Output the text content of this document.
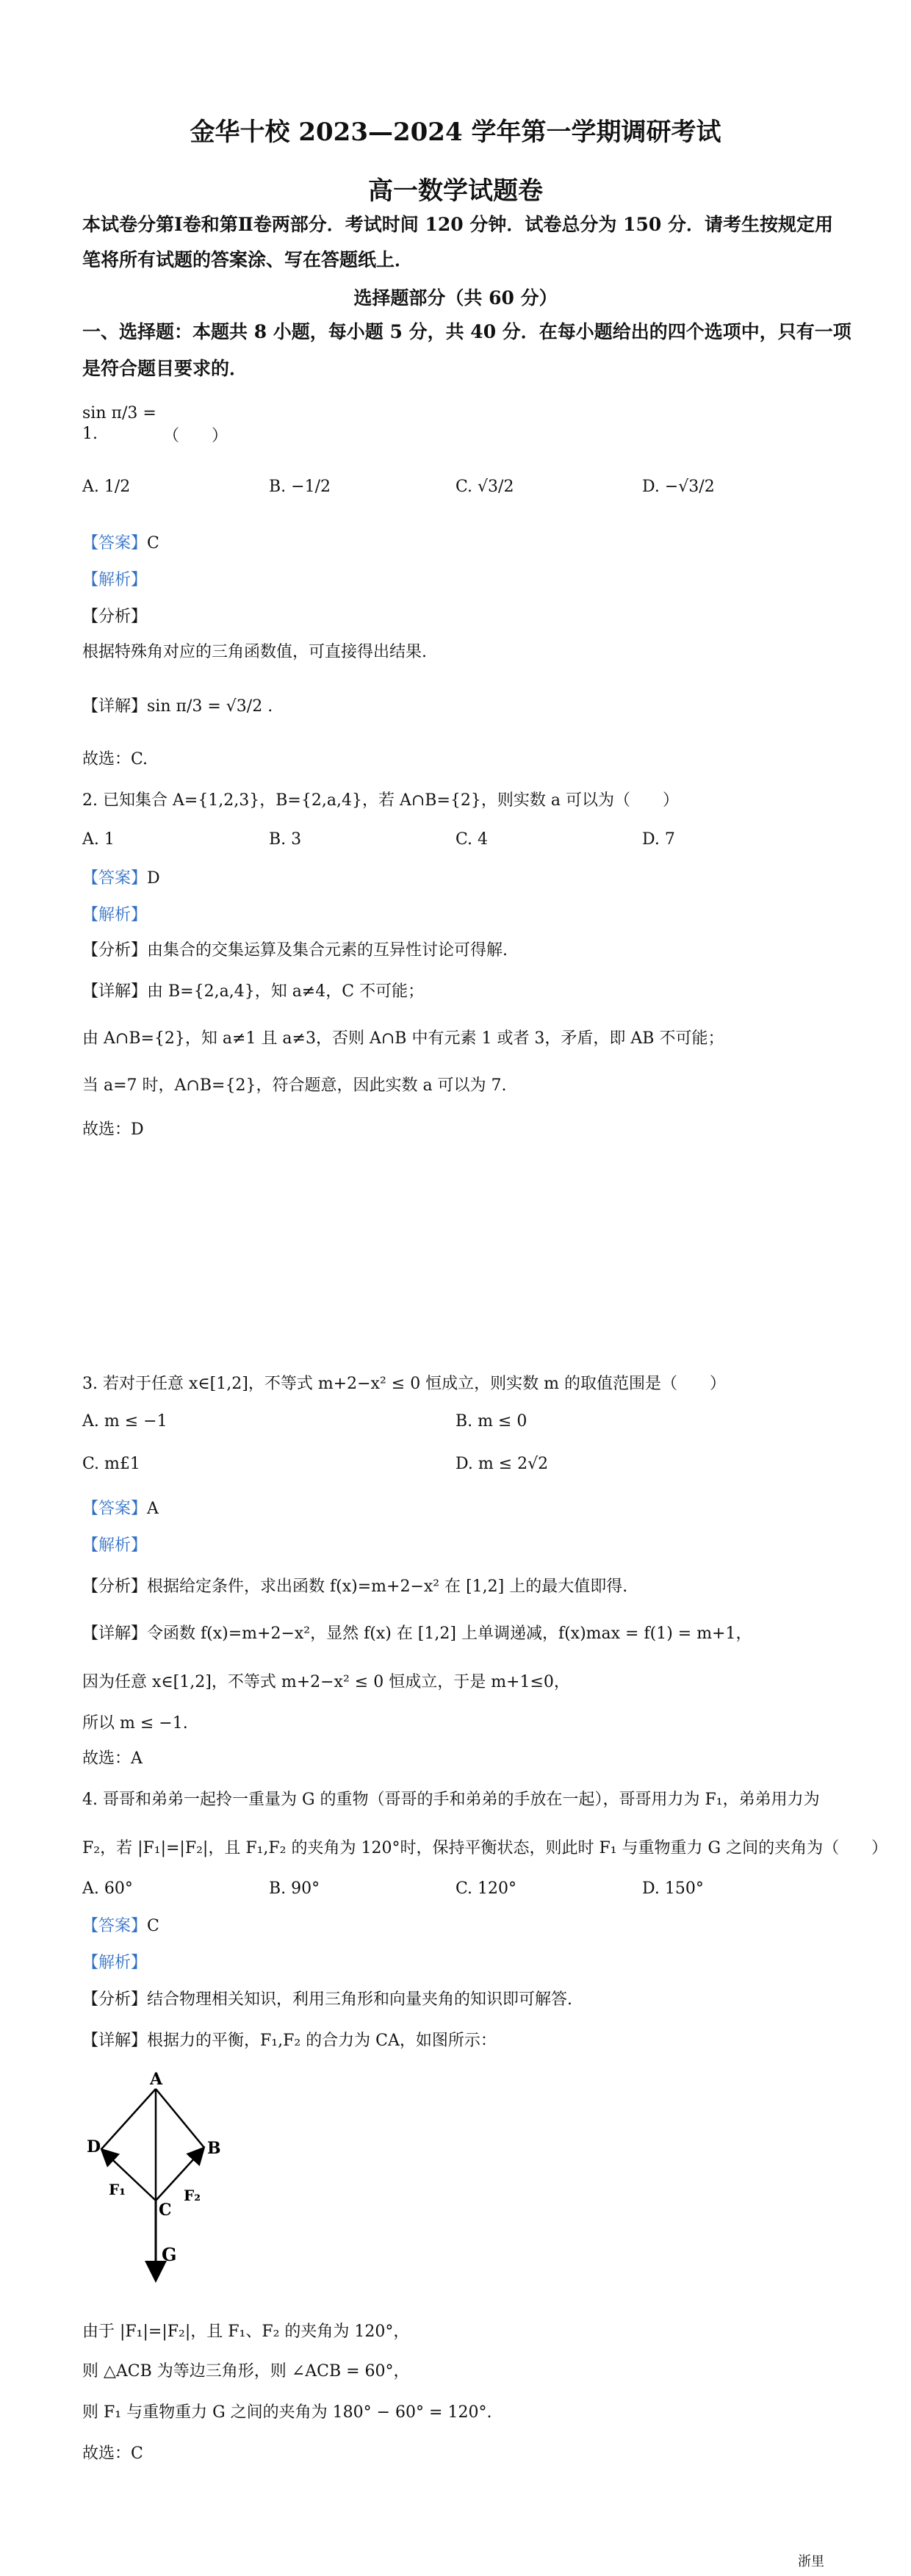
金华十校 2023—2024 学年第一学期调研考试
高一数学试题卷
本试卷分第Ⅰ卷和第Ⅱ卷两部分．考试时间 120 分钟．试卷总分为 150 分．请考生按规定用
笔将所有试题的答案涂、写在答题纸上．
选择题部分（共 60 分）
一、选择题：本题共 8 小题，每小题 5 分，共 40 分．在每小题给出的四个选项中，只有一项
是符合题目要求的．
sin π/3 =
1.	（　　）
A. 1/2	B. −1/2	C. √3/2	D. −√3/2
【答案】C
【解析】
【分析】
根据特殊角对应的三角函数值，可直接得出结果.
【详解】sin π/3 = √3/2 .
故选：C.
2. 已知集合 A={1,2,3}，B={2,a,4}，若 A∩B={2}，则实数 a 可以为（　　）
A. 1	B. 3	C. 4	D. 7
【答案】D
【解析】
【分析】由集合的交集运算及集合元素的互异性讨论可得解.
【详解】由 B={2,a,4}，知 a≠4，C 不可能；
由 A∩B={2}，知 a≠1 且 a≠3，否则 A∩B 中有元素 1 或者 3，矛盾，即 AB 不可能；
当 a=7 时，A∩B={2}，符合题意，因此实数 a 可以为 7.
故选：D
3. 若对于任意 x∈[1,2]，不等式 m+2−x² ≤ 0 恒成立，则实数 m 的取值范围是（　　）
A. m ≤ −1	B. m ≤ 0
C. m£1	D. m ≤ 2√2
【答案】A
【解析】
【分析】根据给定条件，求出函数 f(x)=m+2−x² 在 [1,2] 上的最大值即得.
【详解】令函数 f(x)=m+2−x²，显然 f(x) 在 [1,2] 上单调递减，f(x)max = f(1) = m+1，
因为任意 x∈[1,2]，不等式 m+2−x² ≤ 0 恒成立，于是 m+1≤0，
所以 m ≤ −1.
故选：A
4. 哥哥和弟弟一起拎一重量为 G 的重物（哥哥的手和弟弟的手放在一起），哥哥用力为 F₁，弟弟用力为
F₂，若 |F₁|=|F₂|，且 F₁,F₂ 的夹角为 120°时，保持平衡状态，则此时 F₁ 与重物重力 G 之间的夹角为（　　）
A. 60°	B. 90°	C. 120°	D. 150°
【答案】C
【解析】
【分析】结合物理相关知识，利用三角形和向量夹角的知识即可解答.
【详解】根据力的平衡，F₁,F₂ 的合力为 CA，如图所示：
A
B
D
C
F₁	F₂
G
由于 |F₁|=|F₂|，且 F₁、F₂ 的夹角为 120°，
则 △ACB 为等边三角形，则 ∠ACB = 60°，
则 F₁ 与重物重力 G 之间的夹角为 180° − 60° = 120°.
故选：C
浙里
